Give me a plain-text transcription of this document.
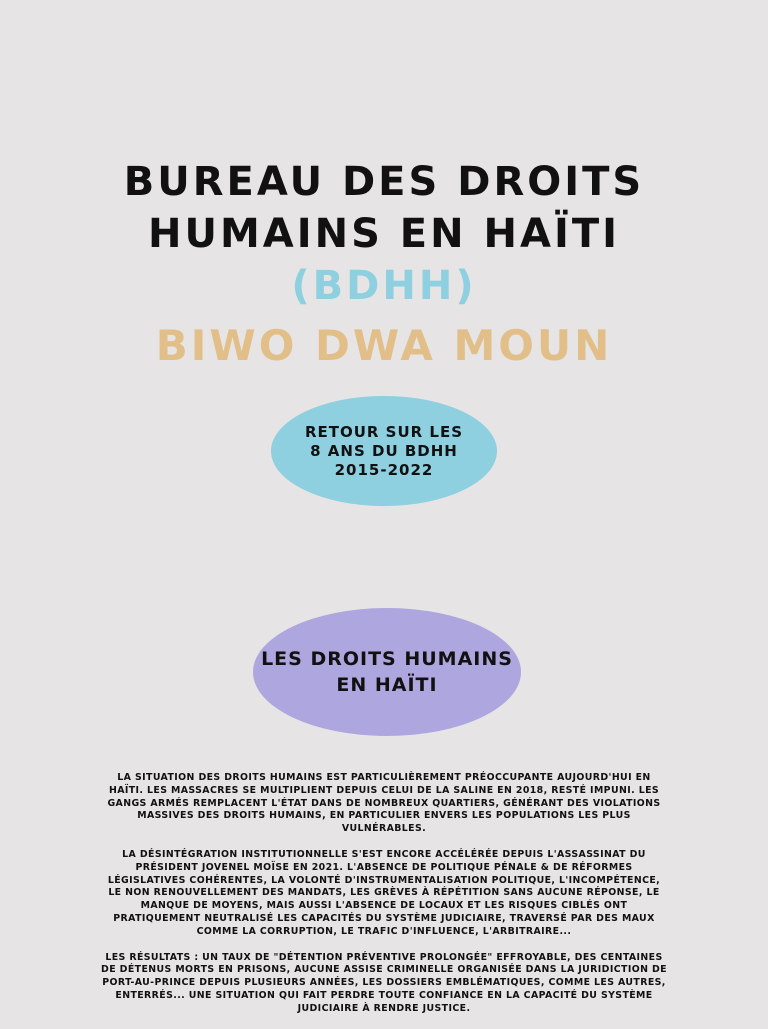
BUREAU DES DROITS
HUMAINS EN HAÏTI
(BDHH)
BIWO DWA MOUN
RETOUR SUR LES
8 ANS DU BDHH
2015-2022
LES DROITS HUMAINS
EN HAÏTI

LA SITUATION DES DROITS HUMAINS EST PARTICULIÈREMENT PRÉOCCUPANTE AUJOURD'HUI EN HAÏTI. LES MASSACRES SE MULTIPLIENT DEPUIS CELUI DE LA SALINE EN 2018, RESTÉ IMPUNI. LES GANGS ARMÉS REMPLACENT L'ÉTAT DANS DE NOMBREUX QUARTIERS, GÉNÉRANT DES VIOLATIONS MASSIVES DES DROITS HUMAINS, EN PARTICULIER ENVERS LES POPULATIONS LES PLUS VULNÉRABLES.

LA DÉSINTÉGRATION INSTITUTIONNELLE S'EST ENCORE ACCÉLÉRÉE DEPUIS L'ASSASSINAT DU PRÉSIDENT JOVENEL MOÏSE EN 2021. L'ABSENCE DE POLITIQUE PÉNALE & DE RÉFORMES LÉGISLATIVES COHÉRENTES, LA VOLONTÉ D'INSTRUMENTALISATION POLITIQUE, L'INCOMPÉTENCE, LE NON RENOUVELLEMENT DES MANDATS, LES GRÈVES À RÉPÉTITION SANS AUCUNE RÉPONSE, LE MANQUE DE MOYENS, MAIS AUSSI L'ABSENCE DE LOCAUX ET LES RISQUES CIBLÉS ONT PRATIQUEMENT NEUTRALISÉ LES CAPACITÉS DU SYSTÈME JUDICIAIRE, TRAVERSÉ PAR DES MAUX COMME LA CORRUPTION, LE TRAFIC D'INFLUENCE, L'ARBITRAIRE...

LES RÉSULTATS : UN TAUX DE "DÉTENTION PRÉVENTIVE PROLONGÉE" EFFROYABLE, DES CENTAINES DE DÉTENUS MORTS EN PRISONS, AUCUNE ASSISE CRIMINELLE ORGANISÉE DANS LA JURIDICTION DE PORT-AU-PRINCE DEPUIS PLUSIEURS ANNÉES, LES DOSSIERS EMBLÉMATIQUES, COMME LES AUTRES, ENTERRÉS... UNE SITUATION QUI FAIT PERDRE TOUTE CONFIANCE EN LA CAPACITÉ DU SYSTÈME JUDICIAIRE À RENDRE JUSTICE.
